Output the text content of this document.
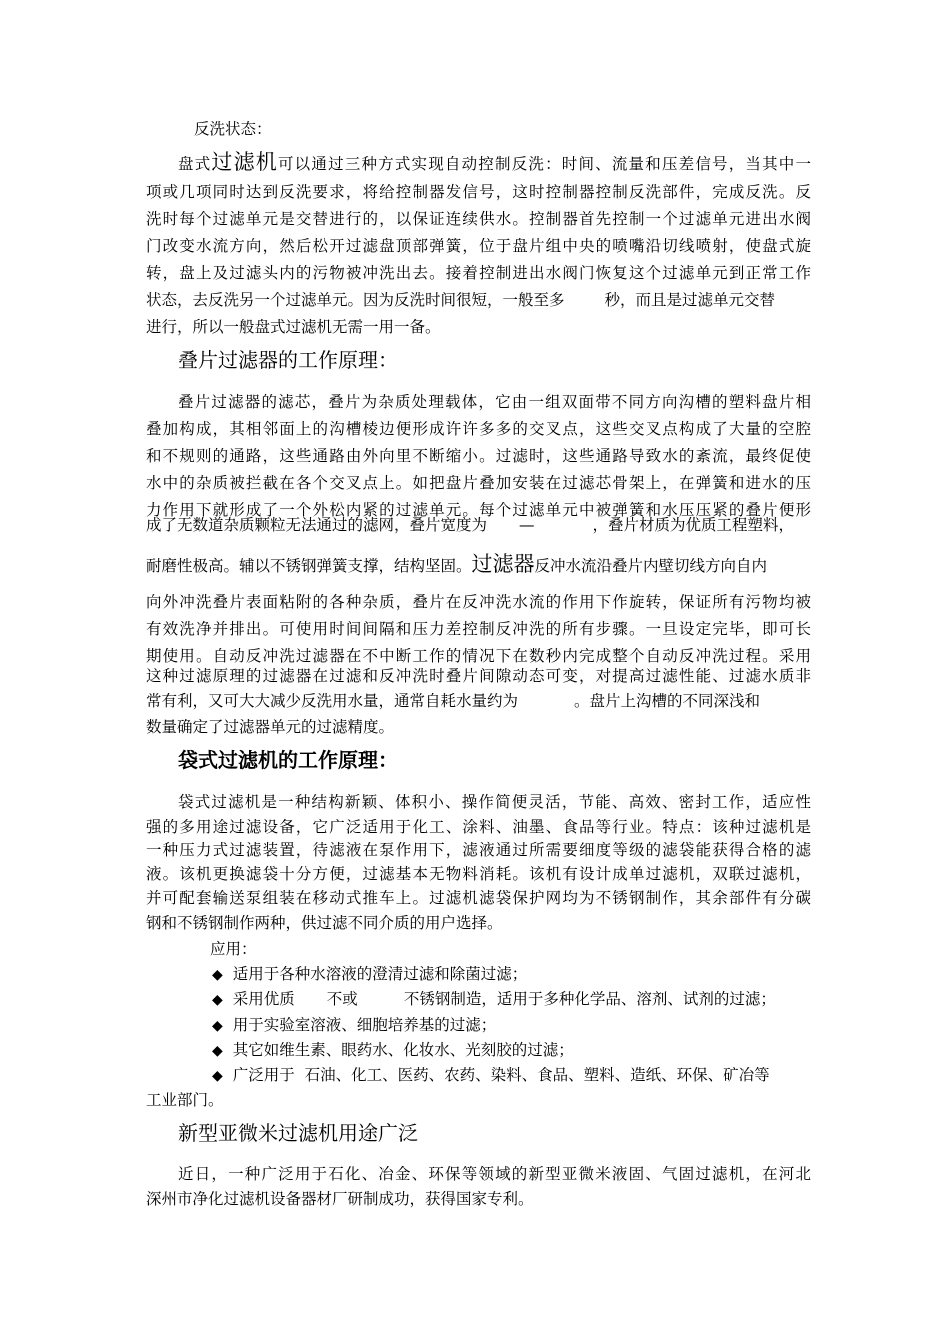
反洗状态：
盘式过滤机可以通过三种方式实现自动控制反洗：时间、流量和压差信号，当其中一
项或几项同时达到反洗要求，将给控制器发信号，这时控制器控制反洗部件，完成反洗。反
洗时每个过滤单元是交替进行的，以保证连续供水。控制器首先控制一个过滤单元进出水阀
门改变水流方向，然后松开过滤盘顶部弹簧，位于盘片组中央的喷嘴沿切线喷射，使盘式旋
转，盘上及过滤头内的污物被冲洗出去。接着控制进出水阀门恢复这个过滤单元到正常工作
状态，去反洗另一个过滤单元。因为反洗时间很短，一般至多	秒，而且是过滤单元交替
进行，所以一般盘式过滤机无需一用一备。
叠片过滤器的工作原理：
叠片过滤器的滤芯，叠片为杂质处理载体，它由一组双面带不同方向沟槽的塑料盘片相
叠加构成，其相邻面上的沟槽棱边便形成许许多多的交叉点，这些交叉点构成了大量的空腔
和不规则的通路，这些通路由外向里不断缩小。过滤时，这些通路导致水的紊流，最终促使
水中的杂质被拦截在各个交叉点上。如把盘片叠加安装在过滤芯骨架上，在弹簧和进水的压
力作用下就形成了一个外松内紧的过滤单元。每个过滤单元中被弹簧和水压压紧的叠片便形
成了无数道杂质颗粒无法通过的滤网，叠片宽度为 —	，叠片材质为优质工程塑料，
耐磨性极高。辅以不锈钢弹簧支撑，结构坚固。过滤器反冲水流沿叠片内壁切线方向自内
向外冲洗叠片表面粘附的各种杂质，叠片在反冲洗水流的作用下作旋转，保证所有污物均被
有效洗净并排出。可使用时间间隔和压力差控制反冲洗的所有步骤。一旦设定完毕，即可长
期使用。自动反冲洗过滤器在不中断工作的情况下在数秒内完成整个自动反冲洗过程。采用
这种过滤原理的过滤器在过滤和反冲洗时叠片间隙动态可变，对提高过滤性能、过滤水质非
常有利，又可大大减少反洗用水量，通常自耗水量约为	。盘片上沟槽的不同深浅和
数量确定了过滤器单元的过滤精度。
袋式过滤机的工作原理：
袋式过滤机是一种结构新颖、体积小、操作简便灵活，节能、高效、密封工作，适应性
强的多用途过滤设备，它广泛适用于化工、涂料、油墨、食品等行业。特点：该种过滤机是
一种压力式过滤装置，待滤液在泵作用下，滤液通过所需要细度等级的滤袋能获得合格的滤
液。该机更换滤袋十分方便，过滤基本无物料消耗。该机有设计成单过滤机，双联过滤机，
并可配套输送泵组装在移动式推车上。过滤机滤袋保护网均为不锈钢制作，其余部件有分碳
钢和不锈钢制作两种，供过滤不同介质的用户选择。
应用：
◆ 适用于各种水溶液的澄清过滤和除菌过滤；
◆ 采用优质 不或	不锈钢制造，适用于多种化学品、溶剂、试剂的过滤；
◆ 用于实验室溶液、细胞培养基的过滤；
◆ 其它如维生素、眼药水、化妆水、光刻胶的过滤；
◆ 广泛用于  石油、化工、医药、农药、染料、食品、塑料、造纸、环保、矿冶等
工业部门。
新型亚微米过滤机用途广泛
近日，一种广泛用于石化、冶金、环保等领域的新型亚微米液固、气固过滤机，在河北
深州市净化过滤机设备器材厂研制成功，获得国家专利。
